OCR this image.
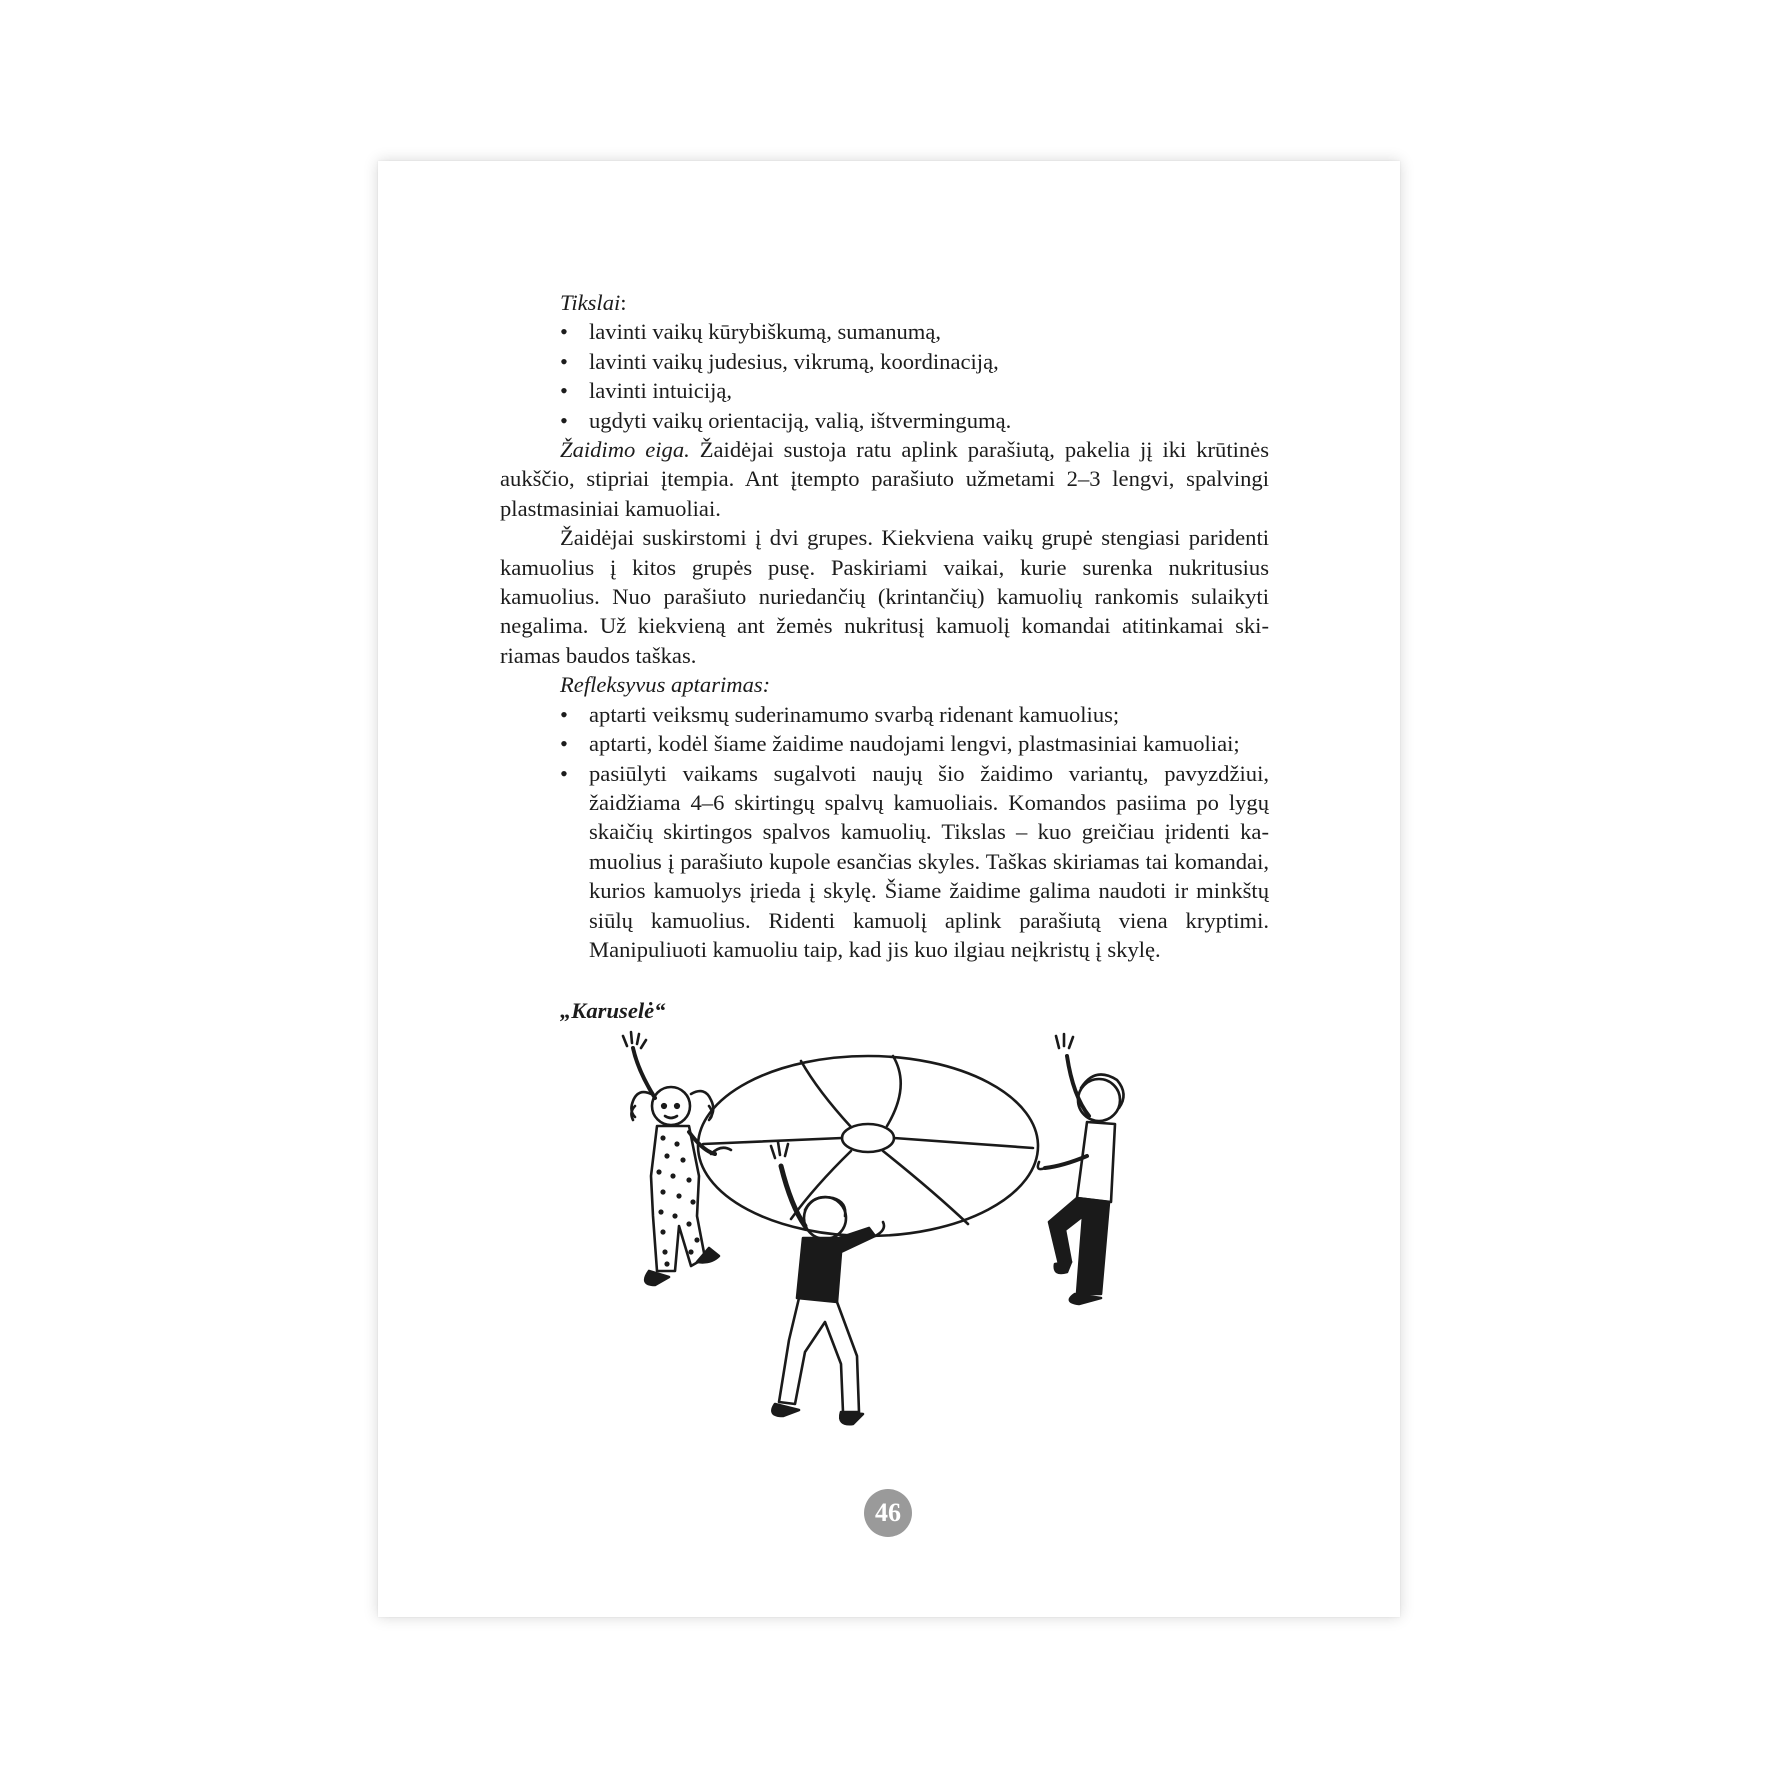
Tikslai:

• lavinti vaikų kūrybiškumą, sumanumą,
• lavinti vaikų judesius, vikrumą, koordinaciją,
• lavinti intuiciją,
• ugdyti vaikų orientaciją, valią, ištvermingumą.

Žaidimo eiga. Žaidėjai sustoja ratu aplink parašiutą, pakelia jį iki krūtinės aukščio, stipriai įtempia. Ant įtempto parašiuto užmetami 2–3 lengvi, spalvingi plastmasiniai kamuoliai.

Žaidėjai suskirstomi į dvi grupes. Kiekviena vaikų grupė stengiasi paridenti kamuolius į kitos grupės pusę. Paskiriami vaikai, kurie surenka nukritusius kamuolius. Nuo parašiuto nuriedančių (krintančių) kamuolių rankomis sulaikyti negalima. Už kiekvieną ant žemės nukritusį kamuolį komandai atitinkamai skiriamas baudos taškas.

Refleksyvus aptarimas:

• aptarti veiksmų suderinamumo svarbą ridenant kamuolius;
• aptarti, kodėl šiame žaidime naudojami lengvi, plastmasiniai kamuoliai;
• pasiūlyti vaikams sugalvoti naujų šio žaidimo variantų, pavyzdžiui, žaidžiama 4–6 skirtingų spalvų kamuoliais. Komandos pasiima po lygų skaičių skirtingos spalvos kamuolių. Tikslas – kuo greičiau įridenti kamuolius į parašiuto kupole esančias skyles. Taškas skiriamas tai komandai, kurios kamuolys įrieda į skylę. Šiame žaidime galima naudoti ir minkštų siūlų kamuolius. Ridenti kamuolį aplink parašiutą viena kryptimi. Manipuliuoti kamuoliu taip, kad jis kuo ilgiau neįkristų į skylę.

„Karuselė“

46
